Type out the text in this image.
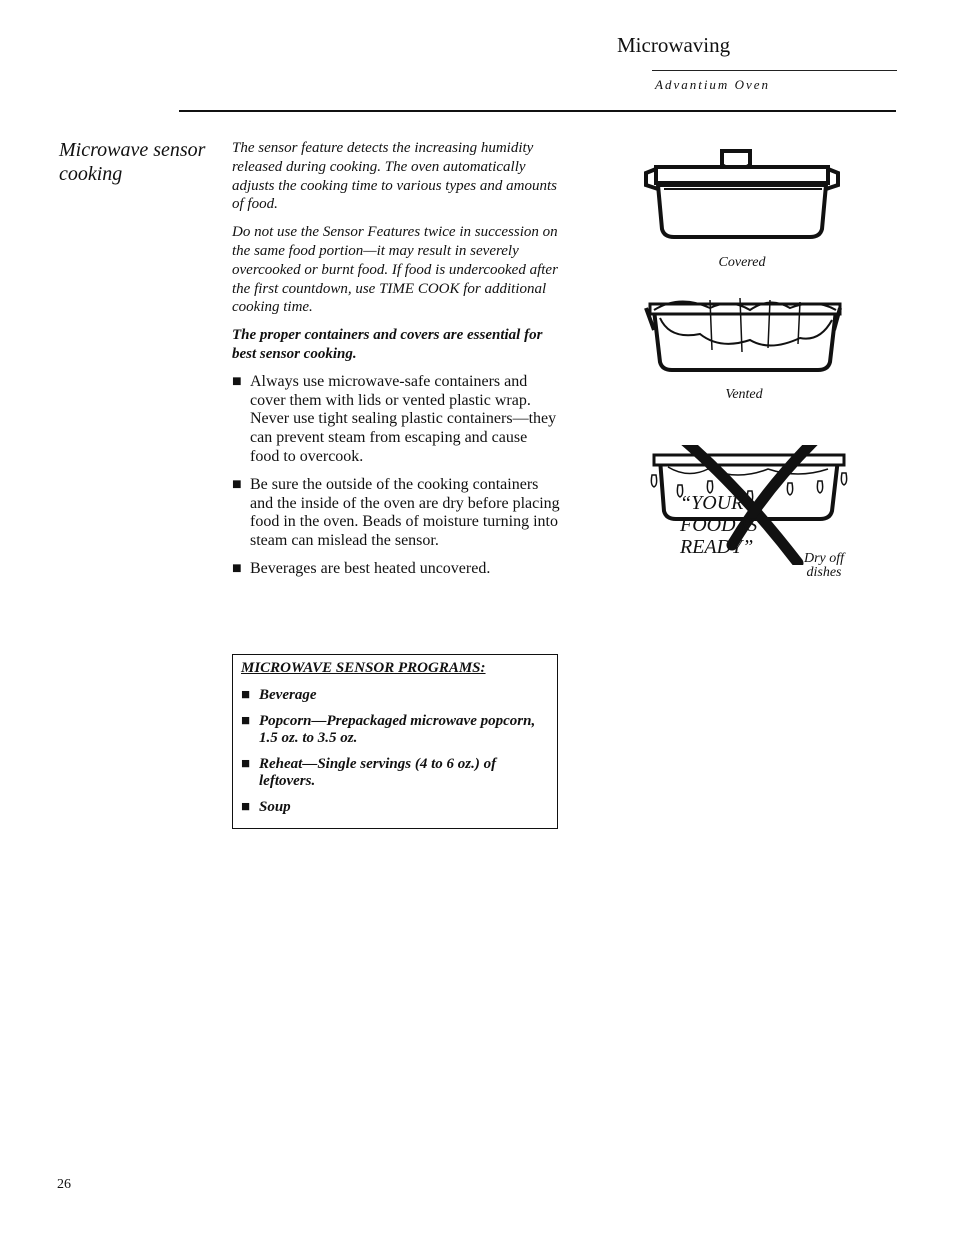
Microwaving
Advantium Oven
Microwave sensor cooking

The sensor feature detects the increasing humidity released during cooking. The oven automatically adjusts the cooking time to various types and amounts of food.

Do not use the Sensor Features twice in succession on the same food portion—it may result in severely overcooked or burnt food. If food is undercooked after the first countdown, use TIME COOK for additional cooking time.

The proper containers and covers are essential for best sensor cooking.

■ Always use microwave-safe containers and cover them with lids or vented plastic wrap. Never use tight sealing plastic containers—they can prevent steam from escaping and cause food to overcook.
■ Be sure the outside of the cooking containers and the inside of the oven are dry before placing food in the oven. Beads of moisture turning into steam can mislead the sensor.
■ Beverages are best heated uncovered.
MICROWAVE SENSOR PROGRAMS:
■ Beverage
■ Popcorn—Prepackaged microwave popcorn, 1.5 oz. to 3.5 oz.
■ Reheat—Single servings (4 to 6 oz.) of leftovers.
■ Soup
Covered
Vented
“YOUR
FOOD IS
READY”
Dry off
dishes
26
